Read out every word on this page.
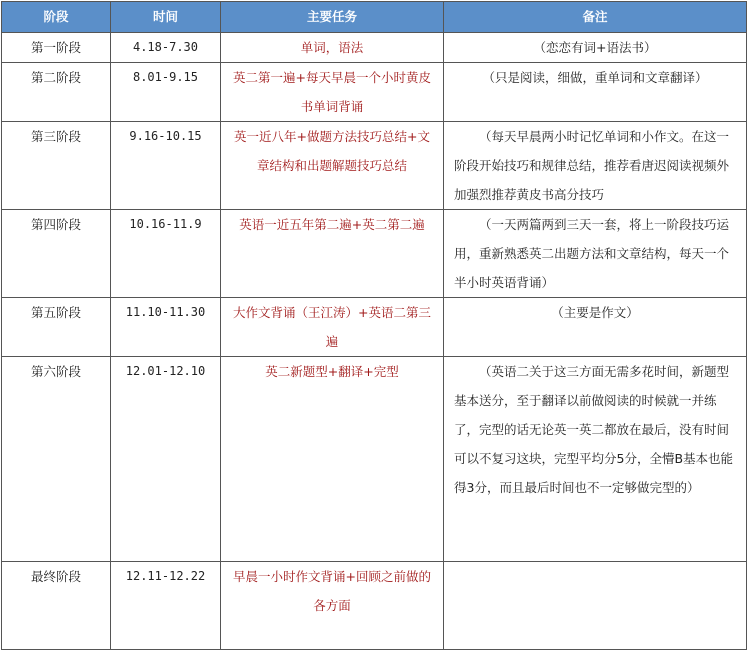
阶段	时间	主要任务	备注
第一阶段	4.18-7.30	单词，语法	（恋恋有词+语法书）
第二阶段	8.01-9.15	英二第一遍+每天早晨一个小时黄皮书单词背诵	（只是阅读，细做，重单词和文章翻译）
第三阶段	9.16-10.15	英一近八年+做题方法技巧总结+文章结构和出题解题技巧总结	（每天早晨两小时记忆单词和小作文。在这一阶段开始技巧和规律总结，推荐看唐迟阅读视频外加强烈推荐黄皮书高分技巧
第四阶段	10.16-11.9	英语一近五年第二遍+英二第二遍	（一天两篇两到三天一套，将上一阶段技巧运用，重新熟悉英二出题方法和文章结构，每天一个半小时英语背诵）
第五阶段	11.10-11.30	大作文背诵（王江涛）+英语二第三遍	（主要是作文）
第六阶段	12.01-12.10	英二新题型+翻译+完型	（英语二关于这三方面无需多花时间，新题型基本送分，至于翻译以前做阅读的时候就一并练了，完型的话无论英一英二都放在最后，没有时间可以不复习这块，完型平均分5分，全懵B基本也能得3分，而且最后时间也不一定够做完型的）
最终阶段	12.11-12.22	早晨一小时作文背诵+回顾之前做的各方面	
